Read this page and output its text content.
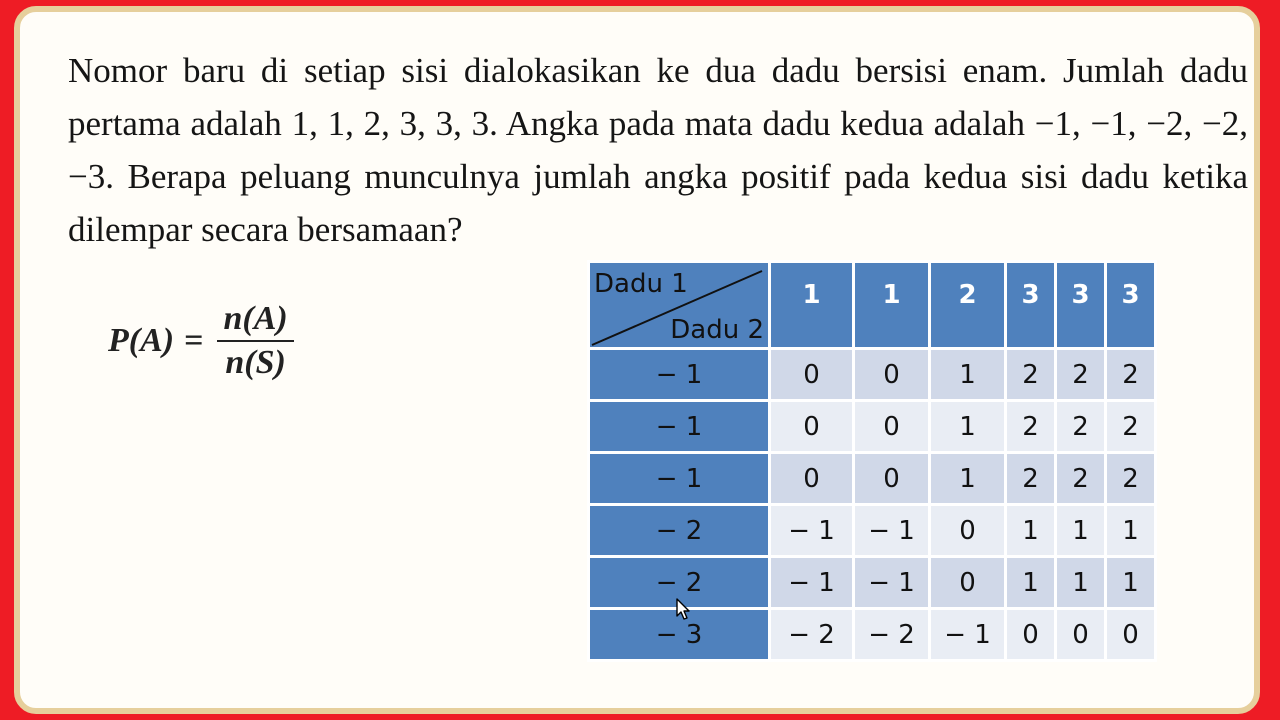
Nomor baru di setiap sisi dialokasikan ke dua dadu bersisi enam. Jumlah dadu pertama adalah 1, 1, 2, 3, 3, 3. Angka pada mata dadu kedua adalah −1, −1, −2, −2, −3. Berapa peluang munculnya jumlah angka positif pada kedua sisi dadu ketika dilempar secara bersamaan?

$P(A) = \frac{n(A)}{n(S)}$
Dadu 1
Dadu 2	1	1	2	3	3	3
− 1	0	0	1	2	2	2
− 1	0	0	1	2	2	2
− 1	0	0	1	2	2	2
− 2	− 1	− 1	0	1	1	1
− 2	− 1	− 1	0	1	1	1
− 3	− 2	− 2	− 1	0	0	0
